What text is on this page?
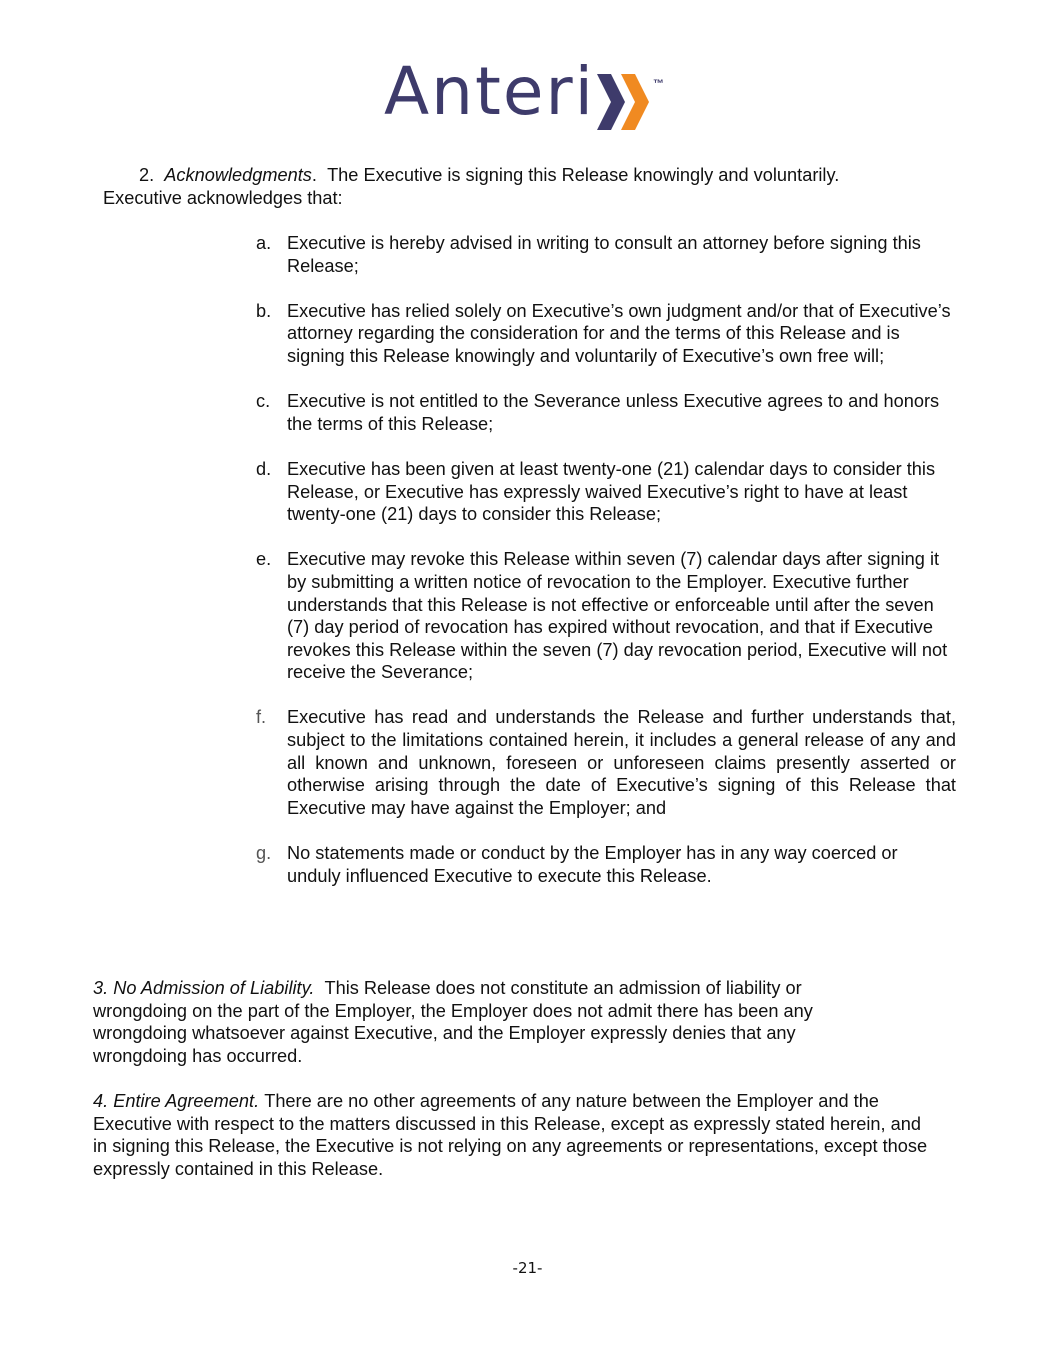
Anteri	™
2. Acknowledgments. The Executive is signing this Release knowingly and voluntarily.
Executive acknowledges that:
a. Executive is hereby advised in writing to consult an attorney before signing this Release;
b. Executive has relied solely on Executive’s own judgment and/or that of Executive’s attorney regarding the consideration for and the terms of this Release and is signing this Release knowingly and voluntarily of Executive’s own free will;
c. Executive is not entitled to the Severance unless Executive agrees to and honors the terms of this Release;
d. Executive has been given at least twenty-one (21) calendar days to consider this Release, or Executive has expressly waived Executive’s right to have at least twenty-one (21) days to consider this Release;
e. Executive may revoke this Release within seven (7) calendar days after signing it by submitting a written notice of revocation to the Employer. Executive further understands that this Release is not effective or enforceable until after the seven (7) day period of revocation has expired without revocation, and that if Executive revokes this Release within the seven (7) day revocation period, Executive will not receive the Severance;
f. Executive has read and understands the Release and further understands that, subject to the limitations contained herein, it includes a general release of any and all known and unknown, foreseen or unforeseen claims presently asserted or otherwise arising through the date of Executive’s signing of this Release that Executive may have against the Employer; and
g. No statements made or conduct by the Employer has in any way coerced or unduly influenced Executive to execute this Release.
3. No Admission of Liability. This Release does not constitute an admission of liability or wrongdoing on the part of the Employer, the Employer does not admit there has been any wrongdoing whatsoever against Executive, and the Employer expressly denies that any wrongdoing has occurred.
4. Entire Agreement. There are no other agreements of any nature between the Employer and the Executive with respect to the matters discussed in this Release, except as expressly stated herein, and in signing this Release, the Executive is not relying on any agreements or representations, except those expressly contained in this Release.
-21-
